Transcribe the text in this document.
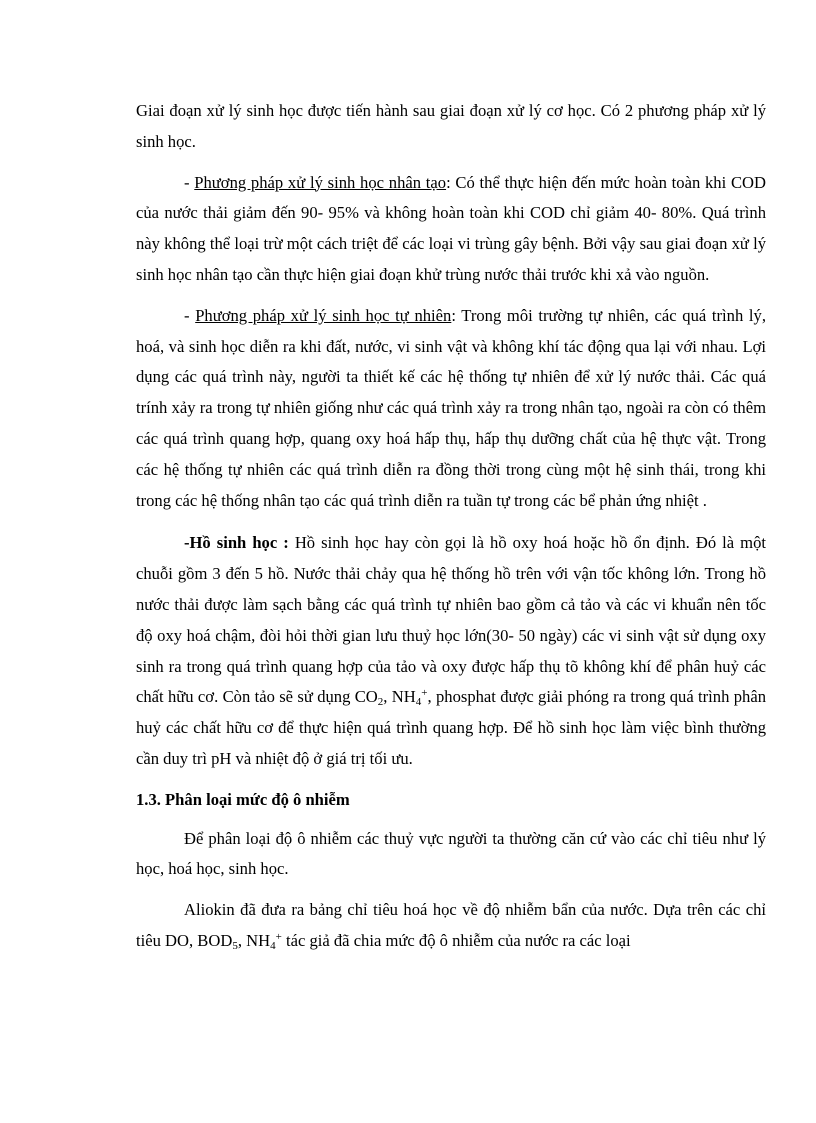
Giai đoạn xử lý sinh học được tiến hành sau giai đoạn xử lý cơ học. Có 2 phương pháp xử lý sinh học.

- Phương pháp xử lý sinh học nhân tạo: Có thể thực hiện đến mức hoàn toàn khi COD của nước thải giảm đến 90- 95% và không hoàn toàn khi COD chỉ giảm 40- 80%. Quá trình này không thể loại trừ một cách triệt để các loại vi trùng gây bệnh. Bởi vậy sau giai đoạn xử lý sinh học nhân tạo cần thực hiện giai đoạn khử trùng nước thải trước khi xả vào nguồn.

- Phương pháp xử lý sinh học tự nhiên: Trong môi trường tự nhiên, các quá trình lý, hoá, và sinh học diễn ra khi đất, nước, vi sinh vật và không khí tác động qua lại với nhau. Lợi dụng các quá trình này, người ta thiết kế các hệ thống tự nhiên để xử lý nước thải. Các quá trính xảy ra trong tự nhiên giống như các quá trình xảy ra trong nhân tạo, ngoài ra còn có thêm các quá trình quang hợp, quang oxy hoá hấp thụ, hấp thụ dưỡng chất của hệ thực vật. Trong các hệ thống tự nhiên các quá trình diễn ra đồng thời trong cùng một hệ sinh thái, trong khi trong các hệ thống nhân tạo các quá trình diễn ra tuần tự trong các bể phản ứng nhiệt .

-Hồ sinh học : Hồ sinh học hay còn gọi là hồ oxy hoá hoặc hồ ổn định. Đó là một chuỗi gồm 3 đến 5 hồ. Nước thải chảy qua hệ thống hồ trên với vận tốc không lớn. Trong hồ nước thải được làm sạch bằng các quá trình tự nhiên bao gồm cả tảo và các vi khuẩn nên tốc độ oxy hoá chậm, đòi hỏi thời gian lưu thuỷ học lớn(30- 50 ngày) các vi sinh vật sử dụng oxy sinh ra trong quá trình quang hợp của tảo và oxy được hấp thụ tõ không khí để phân huỷ các chất hữu cơ. Còn tảo sẽ sử dụng $CO_2$, $NH_4^+$, phosphat được giải phóng ra trong quá trình phân huỷ các chất hữu cơ để thực hiện quá trình quang hợp. Để hồ sinh học làm việc bình thường cần duy trì pH và nhiệt độ ở giá trị tối ưu.

1.3. Phân loại mức độ ô nhiễm

Để phân loại độ ô nhiễm các thuỷ vực người ta thường căn cứ vào các chỉ tiêu như lý học, hoá học, sinh học.

Aliokin đã đưa ra bảng chỉ tiêu hoá học về độ nhiễm bẩn của nước. Dựa trên các chỉ tiêu DO, $BOD_5$, $NH_4^+$ tác giả đã chia mức độ ô nhiễm của nước ra các loại
